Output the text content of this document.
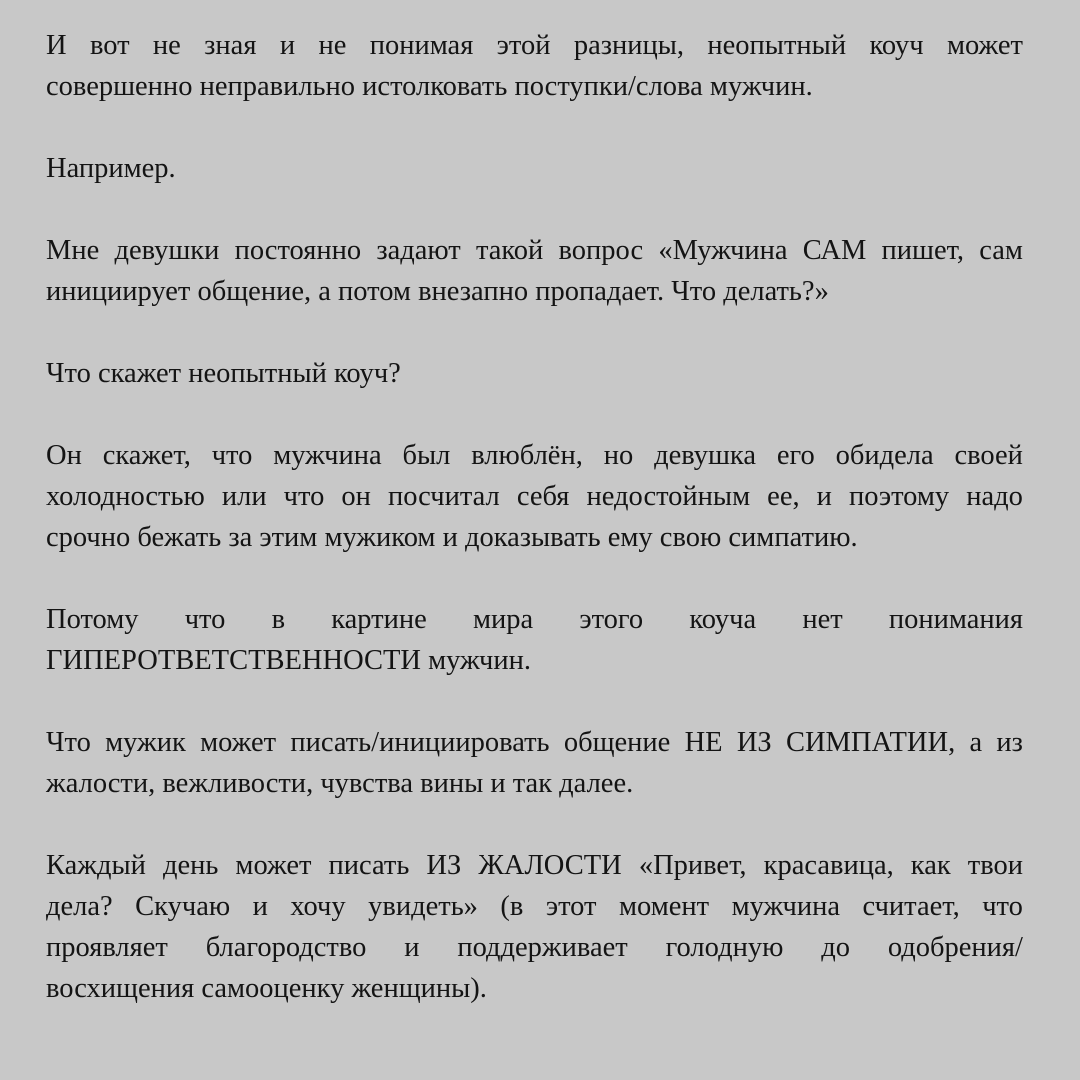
И вот не зная и не понимая этой разницы, неопытный коуч может
совершенно неправильно истолковать поступки/слова мужчин.
Например.
Мне девушки постоянно задают такой вопрос «Мужчина САМ пишет, сам
инициирует общение, а потом внезапно пропадает. Что делать?»
Что скажет неопытный коуч?
Он скажет, что мужчина был влюблён, но девушка его обидела своей
холодностью или что он посчитал себя недостойным ее, и поэтому надо
срочно бежать за этим мужиком и доказывать ему свою симпатию.
Потому что в картине мира этого коуча нет понимания
ГИПЕРОТВЕТСТВЕННОСТИ мужчин.
Что мужик может писать/инициировать общение НЕ ИЗ СИМПАТИИ, а из
жалости, вежливости, чувства вины и так далее.
Каждый день может писать ИЗ ЖАЛОСТИ «Привет, красавица, как твои
дела? Скучаю и хочу увидеть» (в этот момент мужчина считает, что
проявляет благородство и поддерживает голодную до одобрения/
восхищения самооценку женщины).
